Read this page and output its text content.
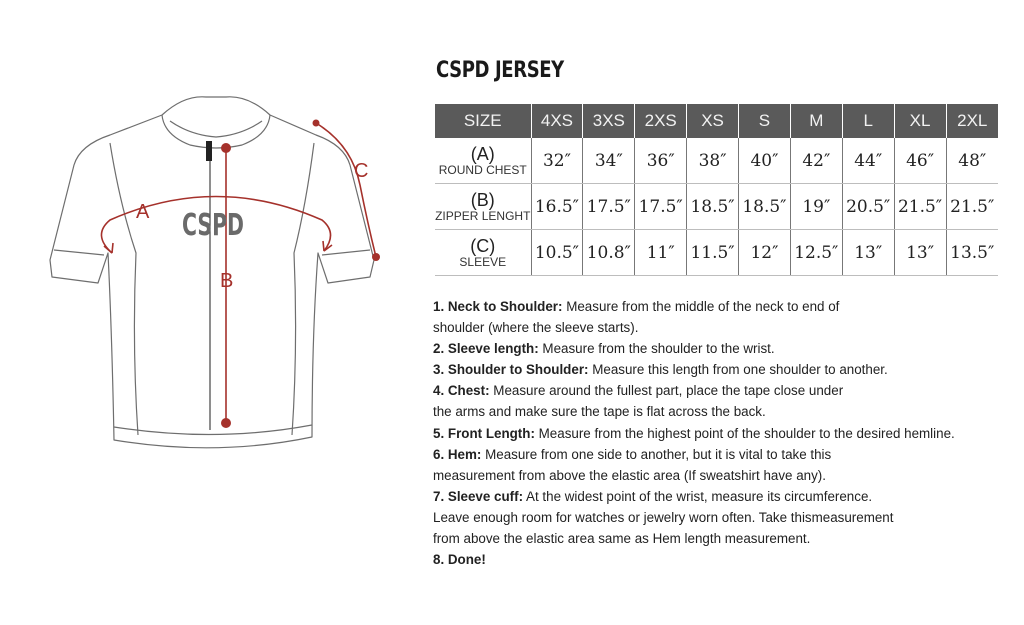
B
A
C
CSPD
CSPD JERSEY
SIZE	4XS	3XS	2XS	XS	S	M	L	XL	2XL

(A)
ROUND CHEST	32″	34″	36″	38″	40″	42″	44″	46″	48″

(B)
ZIPPER LENGHT	16.5″	17.5″	17.5″	18.5″	18.5″	19″	20.5″	21.5″	21.5″

(C)
SLEEVE	10.5″	10.8″	11″	11.5″	12″	12.5″	13″	13″	13.5″
1. Neck to Shoulder: Measure from the middle of the neck to end of
shoulder (where the sleeve starts).
2. Sleeve length: Measure from the shoulder to the wrist.
3. Shoulder to Shoulder: Measure this length from one shoulder to another.
4. Chest: Measure around the fullest part, place the tape close under
the arms and make sure the tape is flat across the back.
5. Front Length: Measure from the highest point of the shoulder to the desired hemline.
6. Hem: Measure from one side to another, but it is vital to take this
measurement from above the elastic area (If sweatshirt have any).
7. Sleeve cuff: At the widest point of the wrist, measure its circumference.
Leave enough room for watches or jewelry worn often. Take thismeasurement
from above the elastic area same as Hem length measurement.
8. Done!
